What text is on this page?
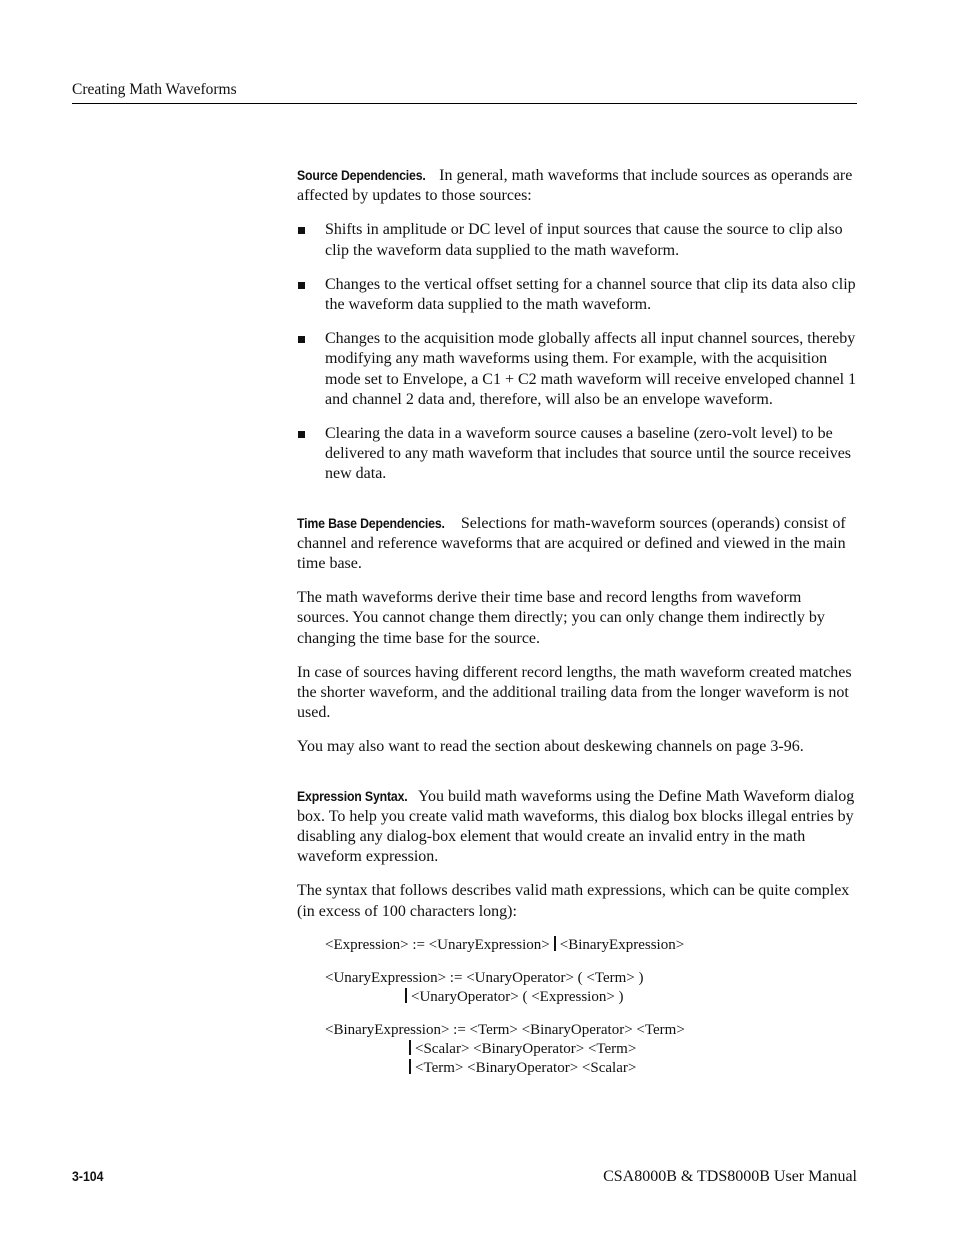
Creating Math Waveforms

Source Dependencies. In general, math waveforms that include sources as operands are affected by updates to those sources:

Shifts in amplitude or DC level of input sources that cause the source to clip also clip the waveform data supplied to the math waveform.
Changes to the vertical offset setting for a channel source that clip its data also clip the waveform data supplied to the math waveform.
Changes to the acquisition mode globally affects all input channel sources, thereby modifying any math waveforms using them. For example, with the acquisition mode set to Envelope, a C1 + C2 math waveform will receive enveloped channel 1 and channel 2 data and, therefore, will also be an envelope waveform.
Clearing the data in a waveform source causes a baseline (zero-volt level) to be delivered to any math waveform that includes that source until the source receives new data.

Time Base Dependencies. Selections for math-waveform sources (operands) consist of channel and reference waveforms that are acquired or defined and viewed in the main time base.

The math waveforms derive their time base and record lengths from waveform sources. You cannot change them directly; you can only change them indirectly by changing the time base for the source.

In case of sources having different record lengths, the math waveform created matches the shorter waveform, and the additional trailing data from the longer waveform is not used.

You may also want to read the section about deskewing channels on page 3-96.

Expression Syntax. You build math waveforms using the Define Math Waveform dialog box. To help you create valid math waveforms, this dialog box blocks illegal entries by disabling any dialog-box element that would create an invalid entry in the math waveform expression.

The syntax that follows describes valid math expressions, which can be quite complex (in excess of 100 characters long):

<Expression> := <UnaryExpression> <BinaryExpression>
<UnaryExpression> := <UnaryOperator> ( <Term> )
<UnaryOperator> ( <Expression> )
<BinaryExpression> := <Term> <BinaryOperator> <Term>
<Scalar> <BinaryOperator> <Term>
<Term> <BinaryOperator> <Scalar>
3-104	CSA8000B & TDS8000B User Manual
